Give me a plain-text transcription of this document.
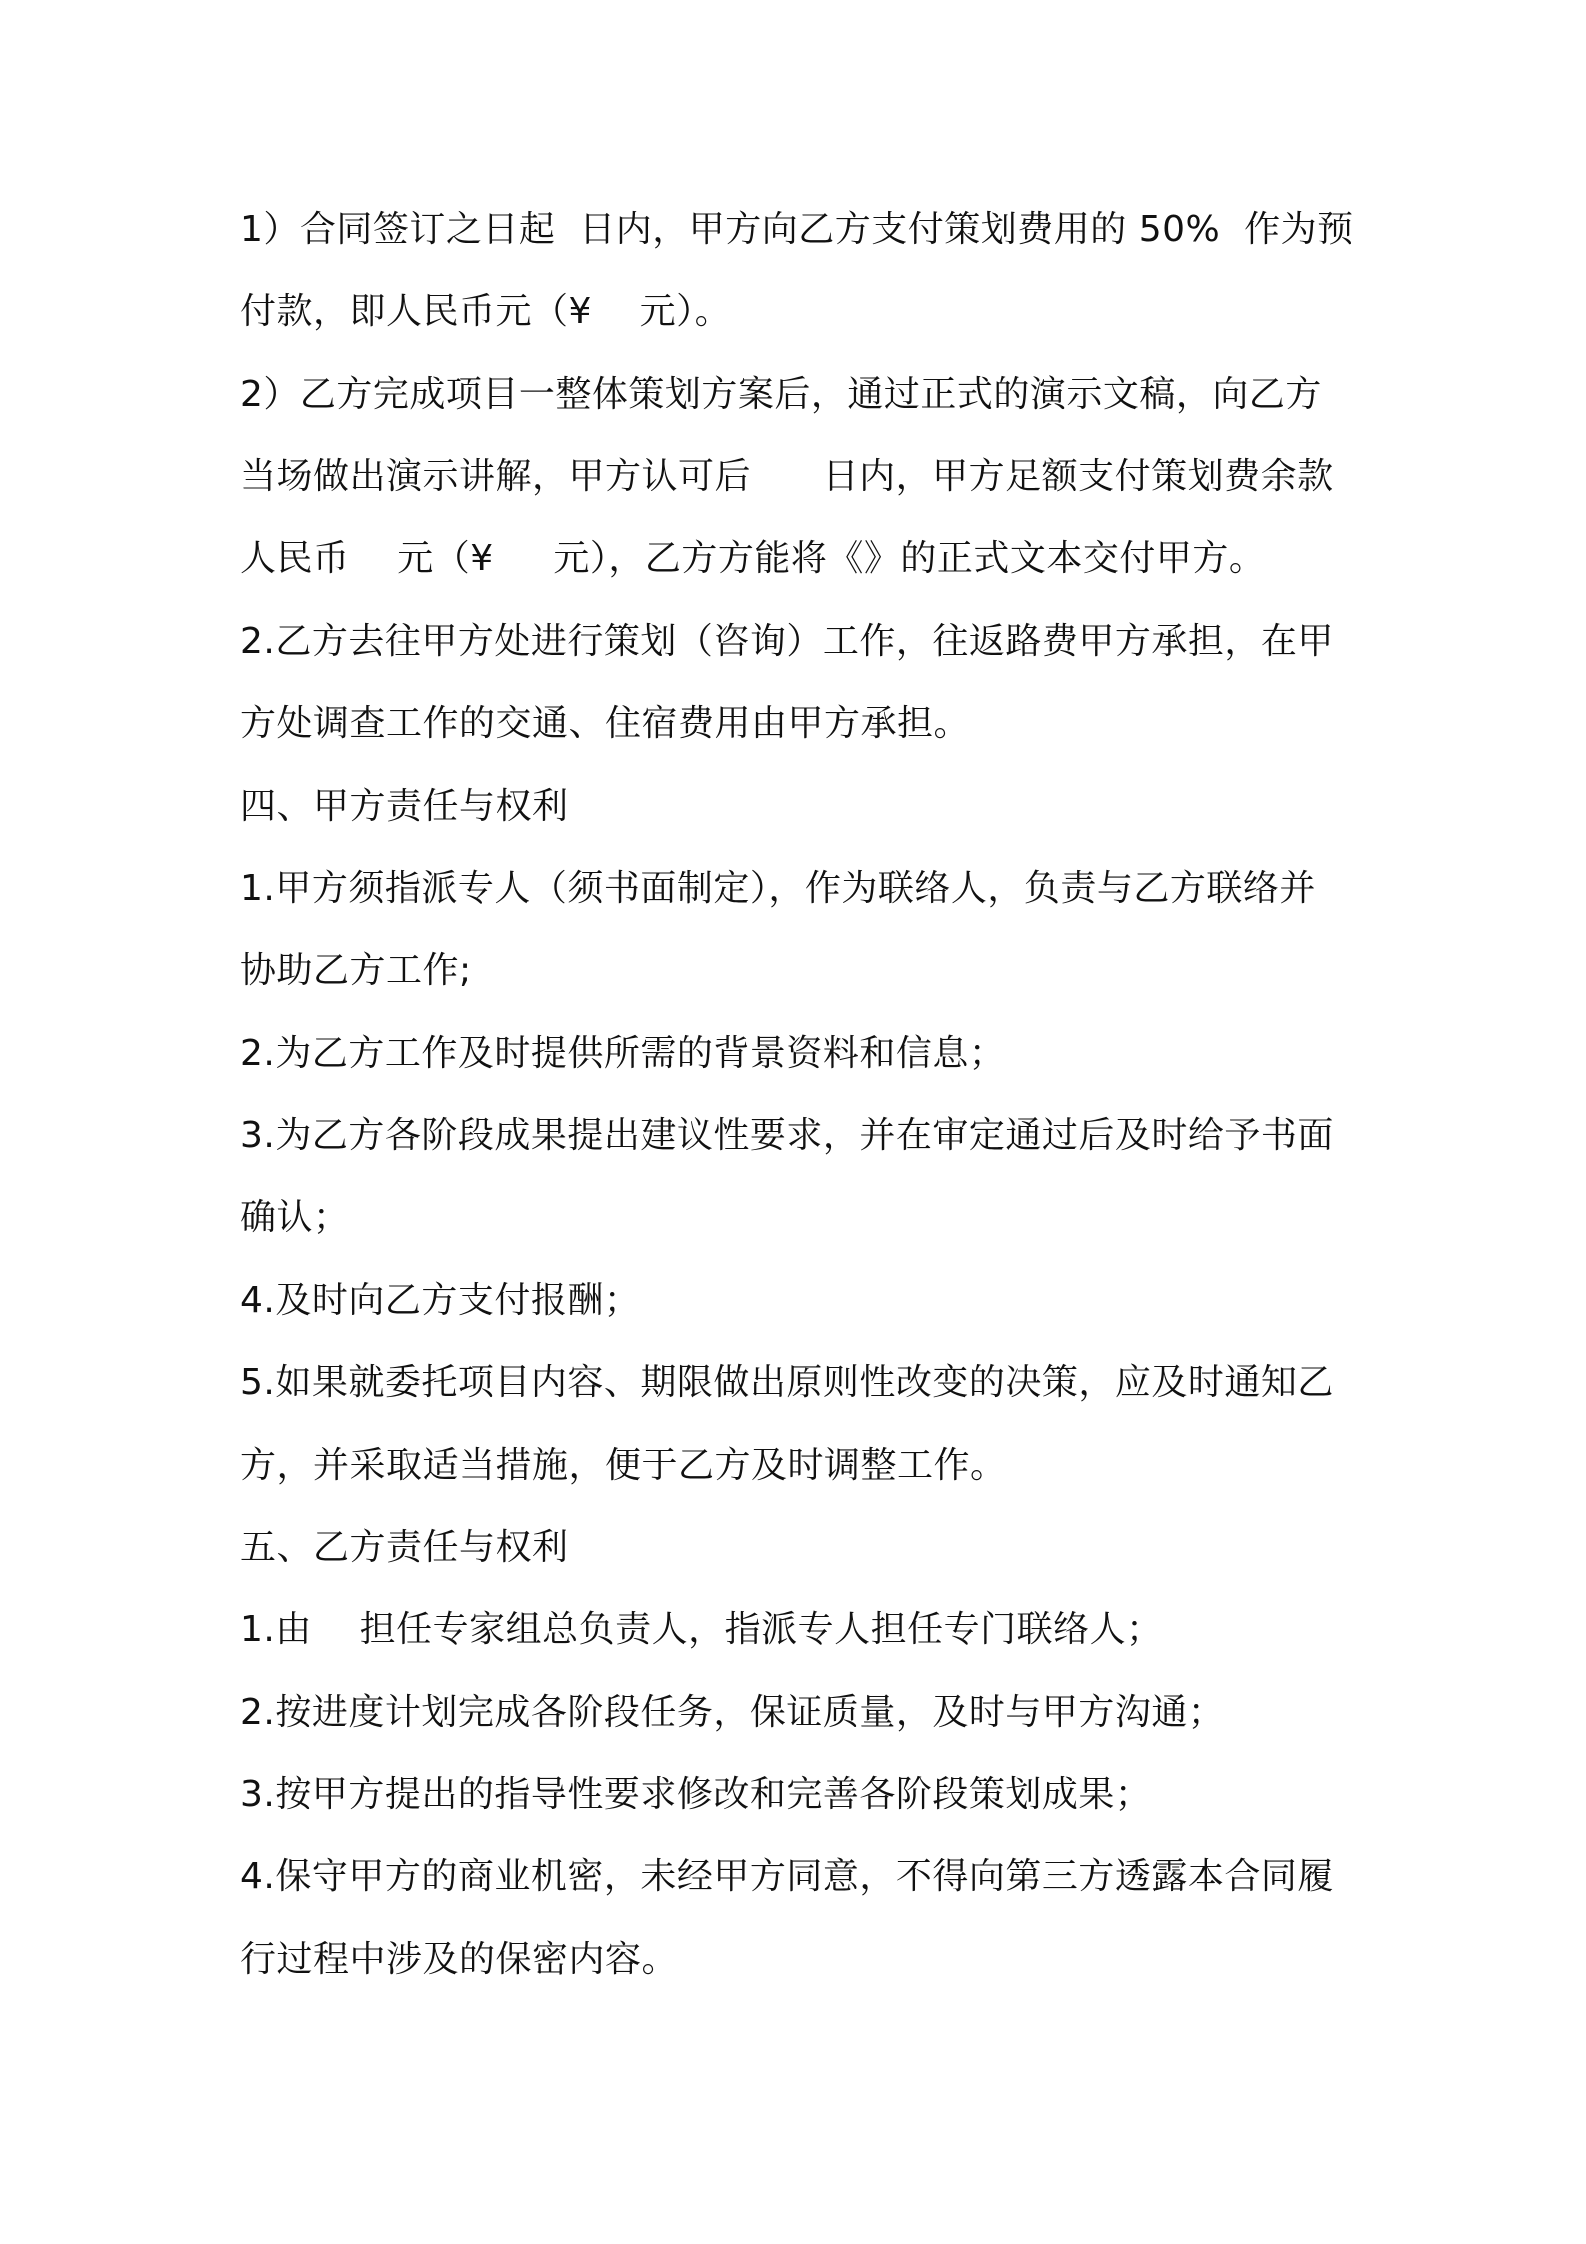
1）合同签订之日起  日内，甲方向乙方支付策划费用的 50%  作为预
付款，即人民币元（¥    元）。
2）乙方完成项目一整体策划方案后，通过正式的演示文稿，向乙方
当场做出演示讲解，甲方认可后      日内，甲方足额支付策划费余款
人民币    元（¥     元），乙方方能将《》的正式文本交付甲方。
2.乙方去往甲方处进行策划（咨询）工作，往返路费甲方承担，在甲
方处调查工作的交通、住宿费用由甲方承担。
四、甲方责任与权利
1.甲方须指派专人（须书面制定），作为联络人，负责与乙方联络并
协助乙方工作;
2.为乙方工作及时提供所需的背景资料和信息；
3.为乙方各阶段成果提出建议性要求，并在审定通过后及时给予书面
确认；
4.及时向乙方支付报酬；
5.如果就委托项目内容、期限做出原则性改变的决策，应及时通知乙
方，并采取适当措施，便于乙方及时调整工作。
五、乙方责任与权利
1.由    担任专家组总负责人，指派专人担任专门联络人；
2.按进度计划完成各阶段任务，保证质量，及时与甲方沟通；
3.按甲方提出的指导性要求修改和完善各阶段策划成果；
4.保守甲方的商业机密，未经甲方同意，不得向第三方透露本合同履
行过程中涉及的保密内容。
